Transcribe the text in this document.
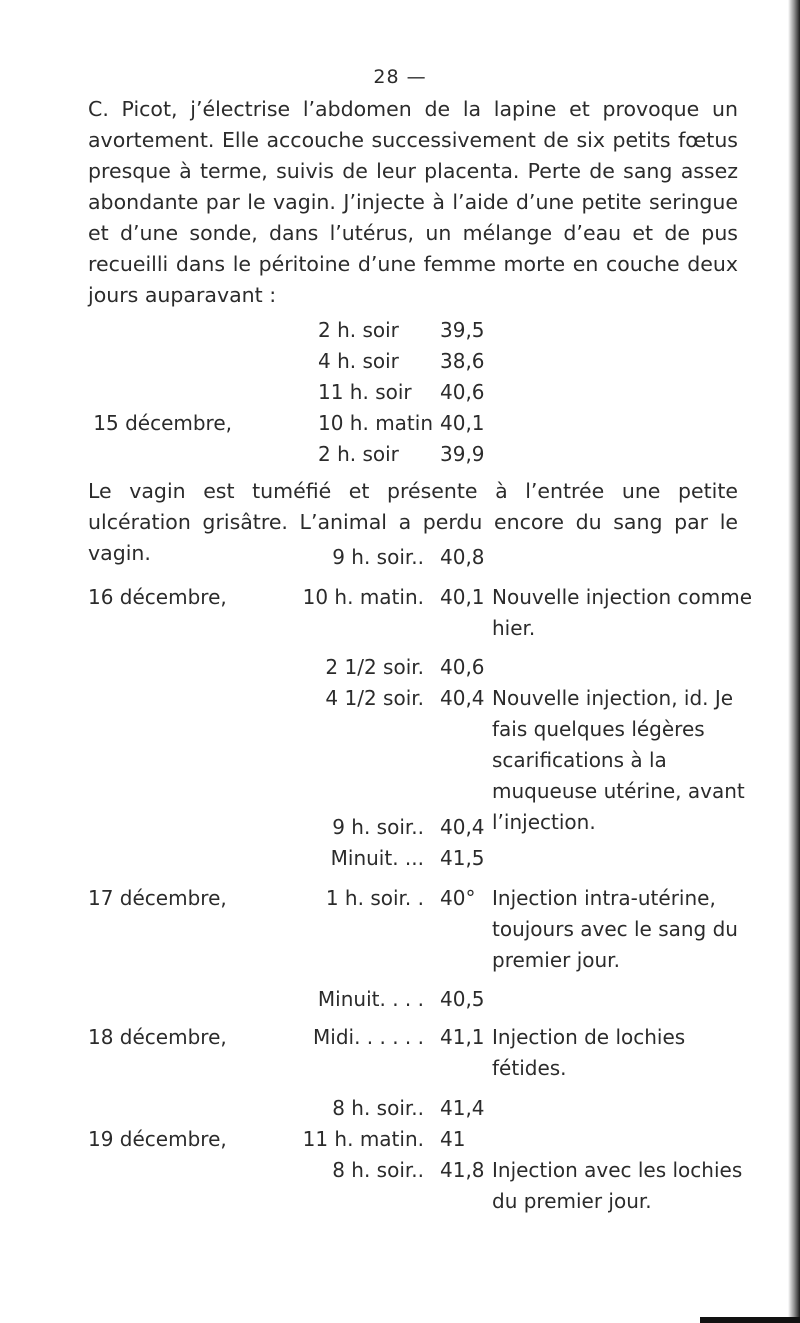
28 —
C. Picot, j’électrise l’abdomen de la lapine et provoque un avortement. Elle accouche successivement de six petits fœtus presque à terme, suivis de leur placenta. Perte de sang assez abondante par le vagin. J’injecte à l’aide d’une petite seringue et d’une sonde, dans l’utérus, un mélange d’eau et de pus recueilli dans le péritoine d’une femme morte en couche deux jours auparavant :
2 h. soir 39,5
4 h. soir 38,6
11 h. soir 40,6
15 décembre,	10 h. matin 40,1
2 h. soir 39,9
Le vagin est tuméfié et présente à l’entrée une petite ulcération grisâtre. L’animal a perdu encore du sang par le vagin.	9 h. soir.. 40,8
16 décembre,	10 h. matin. 40,1 Nouvelle injection comme hier.
2 1/2 soir. 40,6
4 1/2 soir. 40,4 Nouvelle injection, id. Je fais quelques légères scarifications à la muqueuse utérine, avant l’injection.
9 h. soir.. 40,4
Minuit. ... 41,5
17 décembre,	1 h. soir. . 40° Injection intra-utérine, toujours avec le sang du premier jour.
Minuit. . . . 40,5
18 décembre,	Midi. . . . . . 41,1 Injection de lochies fétides.
8 h. soir.. 41,4
19 décembre,	11 h. matin. 41
8 h. soir.. 41,8 Injection avec les lochies du premier jour.
